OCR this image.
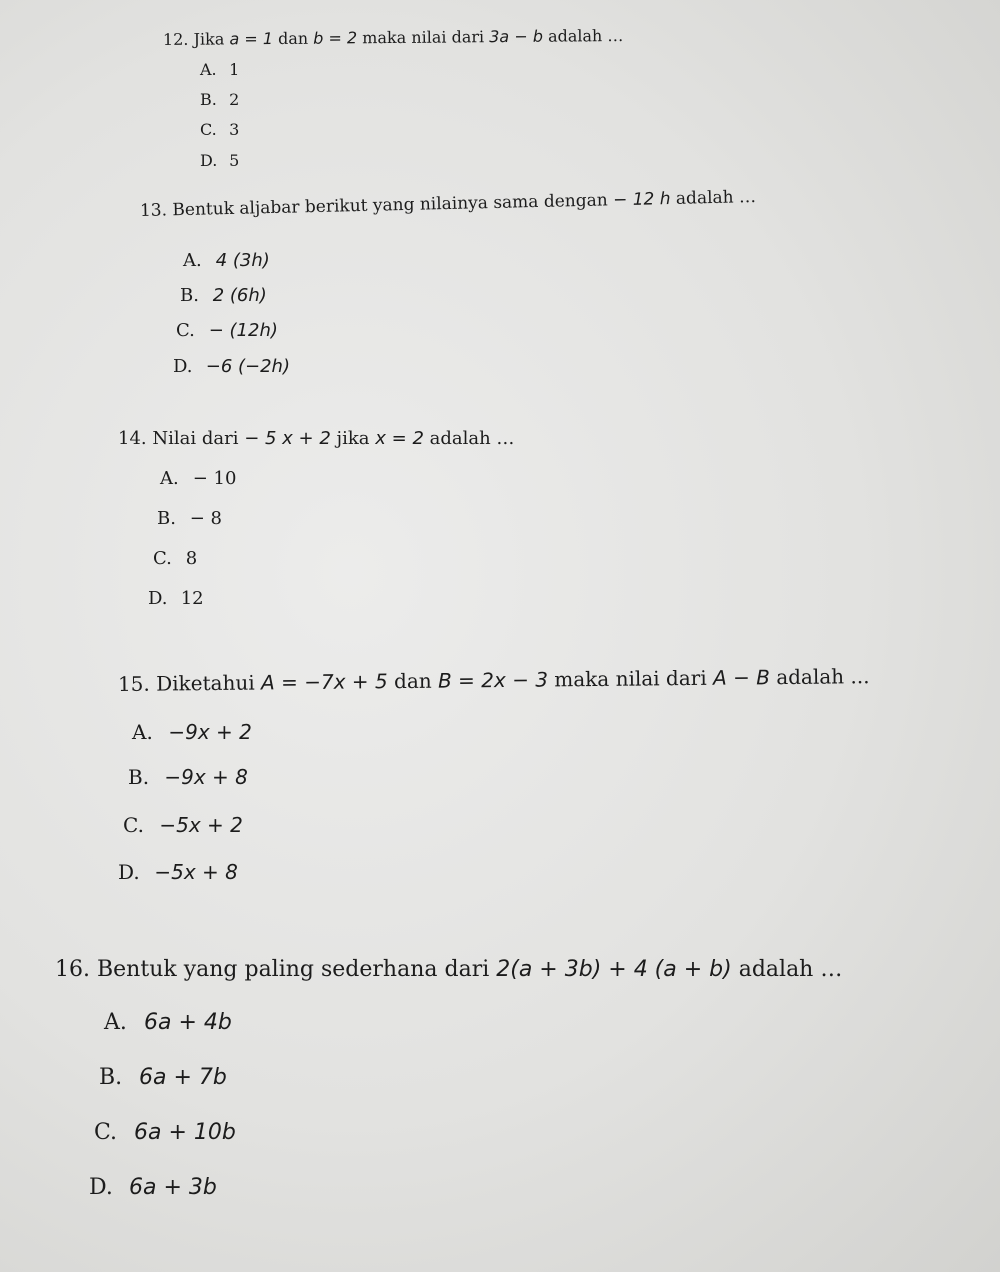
12. Jika a = 1 dan b = 2 maka nilai dari 3a − b adalah …
A. 1
B. 2
C. 3
D. 5
13. Bentuk aljabar berikut yang nilainya sama dengan − 12 h adalah …
A. 4 (3h)
B. 2 (6h)
C. − (12h)
D. −6 (−2h)
14. Nilai dari − 5 x + 2 jika x = 2 adalah …
A. − 10
B. − 8
C. 8
D. 12
15. Diketahui A = −7x + 5 dan B = 2x − 3 maka nilai dari A − B adalah ...
A. −9x + 2
B. −9x + 8
C. −5x + 2
D. −5x + 8
16. Bentuk yang paling sederhana dari 2(a + 3b) + 4 (a + b) adalah …
A. 6a + 4b
B. 6a + 7b
C. 6a + 10b
D. 6a + 3b
